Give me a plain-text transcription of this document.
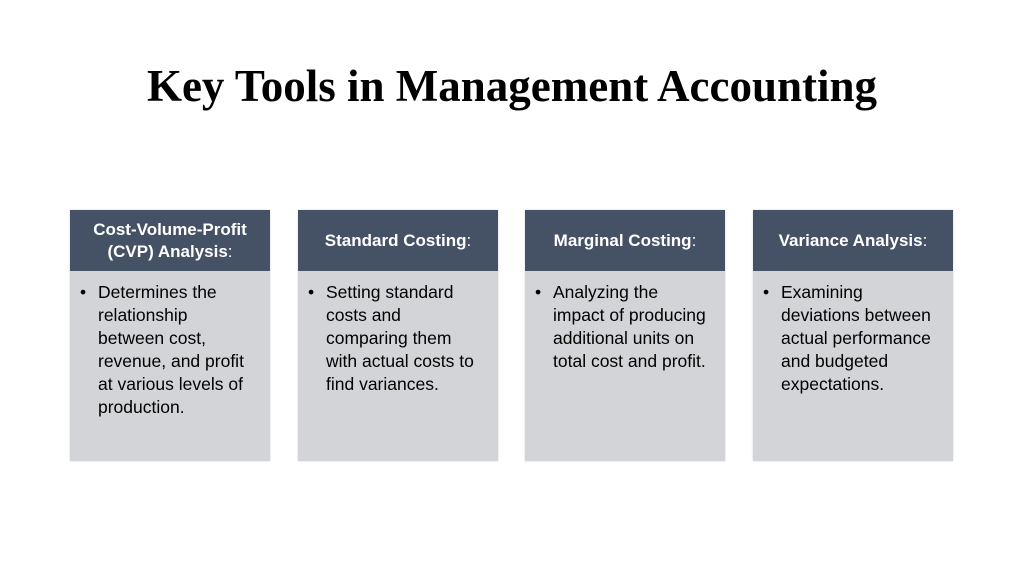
Key Tools in Management Accounting
Cost-Volume-Profit (CVP) Analysis:
• Determines the relationship between cost, revenue, and profit at various levels of production.
Standard Costing:
• Setting standard costs and comparing them with actual costs to find variances.
Marginal Costing:
• Analyzing the impact of producing additional units on total cost and profit.
Variance Analysis:
• Examining deviations between actual performance and budgeted expectations.
